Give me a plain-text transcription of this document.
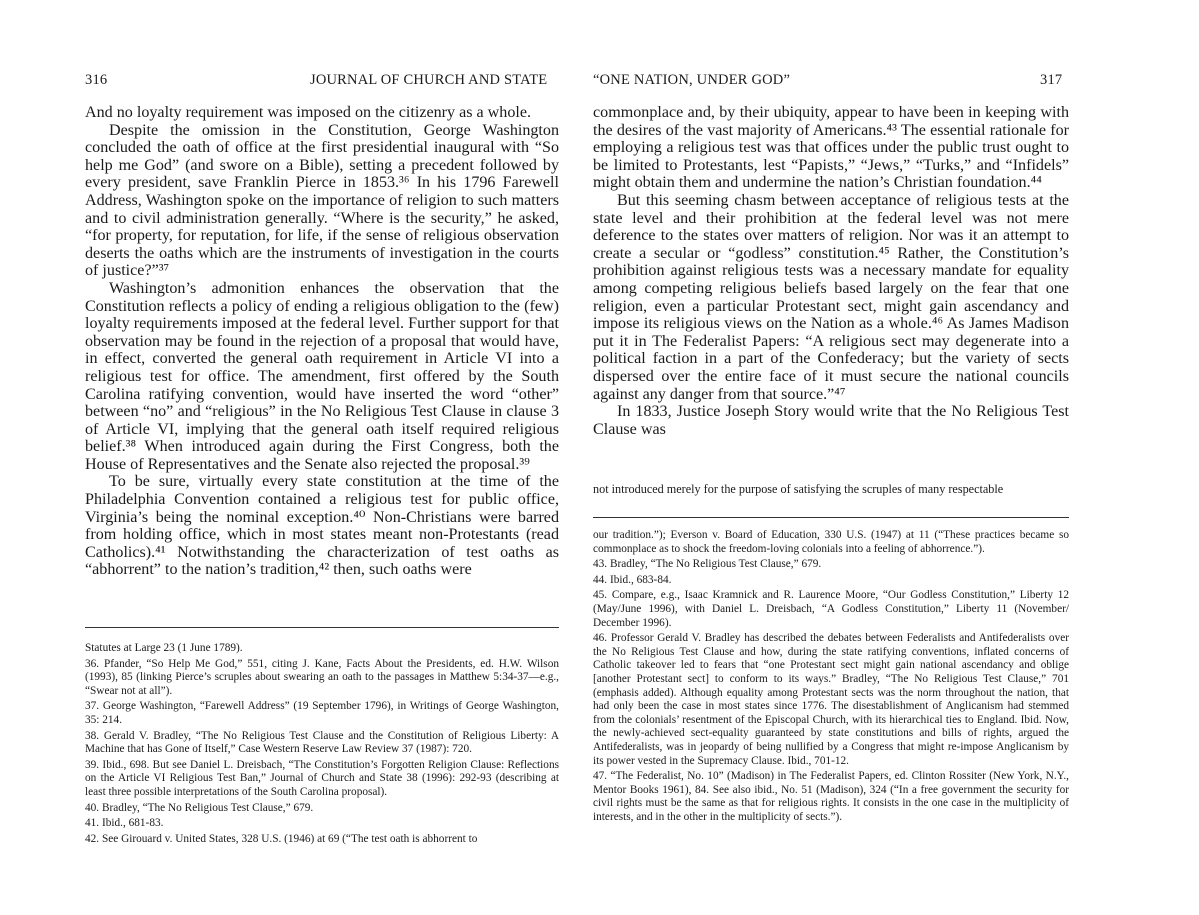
316	JOURNAL OF CHURCH AND STATE	“ONE NATION, UNDER GOD”	317

And no loyalty requirement was imposed on the citizenry as a whole.

Despite the omission in the Constitution, George Washington concluded the oath of office at the first presidential inaugural with “So help me God” (and swore on a Bible), setting a precedent followed by every president, save Franklin Pierce in 1853.³⁶ In his 1796 Farewell Address, Washington spoke on the importance of religion to such matters and to civil administration generally. “Where is the security,” he asked, “for property, for reputation, for life, if the sense of religious observation deserts the oaths which are the instruments of investigation in the courts of justice?”³⁷

Washington’s admonition enhances the observation that the Constitution reflects a policy of ending a religious obligation to the (few) loyalty requirements imposed at the federal level. Further support for that observation may be found in the rejection of a proposal that would have, in effect, converted the general oath requirement in Article VI into a religious test for office. The amendment, first offered by the South Carolina ratifying convention, would have inserted the word “other” between “no” and “religious” in the No Religious Test Clause in clause 3 of Article VI, implying that the general oath itself required religious belief.³⁸ When introduced again during the First Congress, both the House of Representatives and the Senate also rejected the proposal.³⁹

To be sure, virtually every state constitution at the time of the Philadelphia Convention contained a religious test for public office, Virginia’s being the nominal exception.⁴⁰ Non-Christians were barred from holding office, which in most states meant non-Protestants (read Catholics).⁴¹ Notwithstanding the characterization of test oaths as “abhorrent” to the nation’s tradition,⁴² then, such oaths were

Statutes at Large 23 (1 June 1789).

36. Pfander, “So Help Me God,” 551, citing J. Kane, Facts About the Presidents, ed. H.W. Wilson (1993), 85 (linking Pierce’s scruples about swearing an oath to the passages in Matthew 5:34-37—e.g., “Swear not at all”).

37. George Washington, “Farewell Address” (19 September 1796), in Writings of George Washington, 35: 214.

38. Gerald V. Bradley, “The No Religious Test Clause and the Constitution of Religious Liberty: A Machine that has Gone of Itself,” Case Western Reserve Law Review 37 (1987): 720.

39. Ibid., 698. But see Daniel L. Dreisbach, “The Constitution’s Forgotten Religion Clause: Reflections on the Article VI Religious Test Ban,” Journal of Church and State 38 (1996): 292-93 (describing at least three possible interpretations of the South Carolina proposal).

40. Bradley, “The No Religious Test Clause,” 679.

41. Ibid., 681-83.

42. See Girouard v. United States, 328 U.S. (1946) at 69 (“The test oath is abhorrent to

commonplace and, by their ubiquity, appear to have been in keeping with the desires of the vast majority of Americans.⁴³ The essential rationale for employing a religious test was that offices under the public trust ought to be limited to Protestants, lest “Papists,” “Jews,” “Turks,” and “Infidels” might obtain them and undermine the nation’s Christian foundation.⁴⁴

But this seeming chasm between acceptance of religious tests at the state level and their prohibition at the federal level was not mere deference to the states over matters of religion. Nor was it an attempt to create a secular or “godless” constitution.⁴⁵ Rather, the Constitution’s prohibition against religious tests was a necessary mandate for equality among competing religious beliefs based largely on the fear that one religion, even a particular Protestant sect, might gain ascendancy and impose its religious views on the Nation as a whole.⁴⁶ As James Madison put it in The Federalist Papers: “A religious sect may degenerate into a political faction in a part of the Confederacy; but the variety of sects dispersed over the entire face of it must secure the national councils against any danger from that source.”⁴⁷

In 1833, Justice Joseph Story would write that the No Religious Test Clause was

not introduced merely for the purpose of satisfying the scruples of many respectable

our tradition.”); Everson v. Board of Education, 330 U.S. (1947) at 11 (“These practices became so commonplace as to shock the freedom-loving colonials into a feeling of abhorrence.”).

43. Bradley, “The No Religious Test Clause,” 679.

44. Ibid., 683-84.

45. Compare, e.g., Isaac Kramnick and R. Laurence Moore, “Our Godless Constitution,” Liberty 12 (May/June 1996), with Daniel L. Dreisbach, “A Godless Constitution,” Liberty 11 (November/ December 1996).

46. Professor Gerald V. Bradley has described the debates between Federalists and Antifederalists over the No Religious Test Clause and how, during the state ratifying conventions, inflated concerns of Catholic takeover led to fears that “one Protestant sect might gain national ascendancy and oblige [another Protestant sect] to conform to its ways.” Bradley, “The No Religious Test Clause,” 701 (emphasis added). Although equality among Protestant sects was the norm throughout the nation, that had only been the case in most states since 1776. The disestablishment of Anglicanism had stemmed from the colonials’ resentment of the Episcopal Church, with its hierarchical ties to England. Ibid. Now, the newly-achieved sect-equality guaranteed by state constitutions and bills of rights, argued the Antifederalists, was in jeopardy of being nullified by a Congress that might re-impose Anglicanism by its power vested in the Supremacy Clause. Ibid., 701-12.

47. “The Federalist, No. 10” (Madison) in The Federalist Papers, ed. Clinton Rossiter (New York, N.Y., Mentor Books 1961), 84. See also ibid., No. 51 (Madison), 324 (“In a free government the security for civil rights must be the same as that for religious rights. It consists in the one case in the multiplicity of interests, and in the other in the multiplicity of sects.”).
